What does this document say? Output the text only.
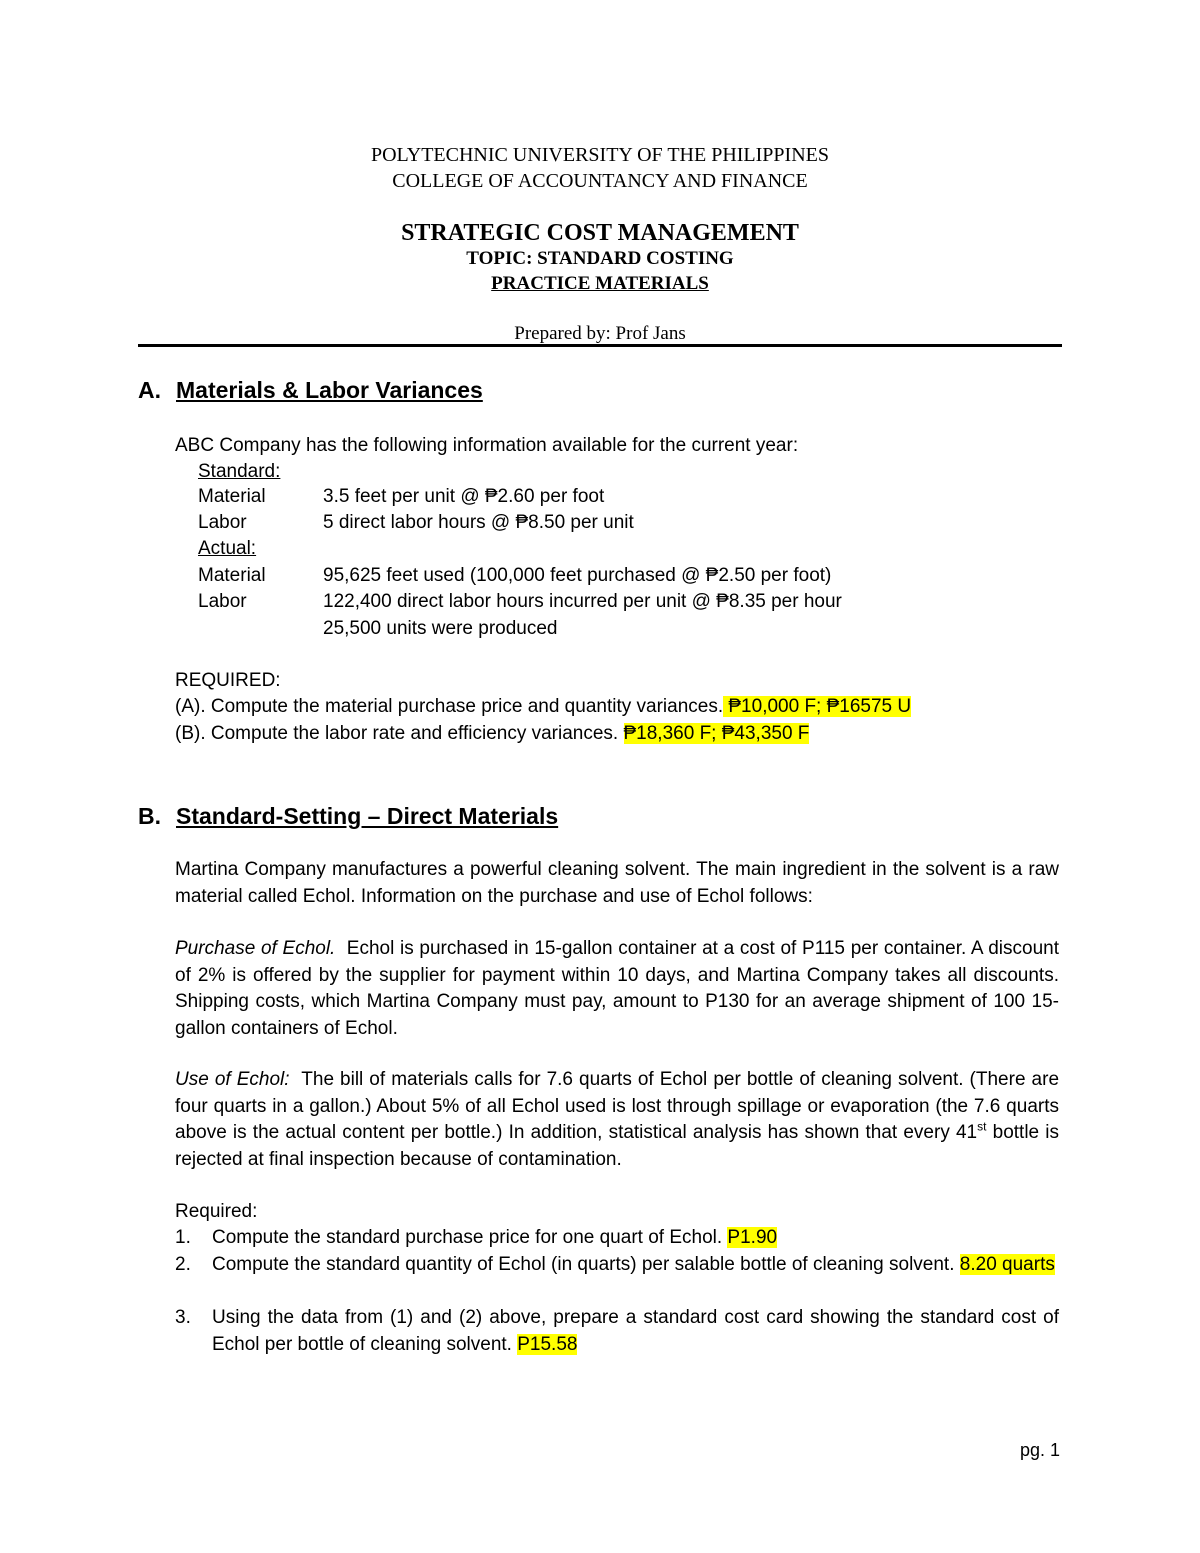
POLYTECHNIC UNIVERSITY OF THE PHILIPPINES
COLLEGE OF ACCOUNTANCY AND FINANCE
STRATEGIC COST MANAGEMENT
TOPIC: STANDARD COSTING
PRACTICE MATERIALS
Prepared by: Prof Jans
A. Materials & Labor Variances
ABC Company has the following information available for the current year:
Standard:
Material	3.5 feet per unit @ ₱2.60 per foot
Labor	5 direct labor hours @ ₱8.50 per unit
Actual:
Material	95,625 feet used (100,000 feet purchased @ ₱2.50 per foot)
Labor	122,400 direct labor hours incurred per unit @ ₱8.35 per hour
25,500 units were produced
REQUIRED:
(A). Compute the material purchase price and quantity variances. ₱10,000 F; ₱16575 U
(B). Compute the labor rate and efficiency variances. ₱18,360 F; ₱43,350 F
B. Standard-Setting – Direct Materials
Martina Company manufactures a powerful cleaning solvent. The main ingredient in the solvent is a raw material called Echol. Information on the purchase and use of Echol follows:
Purchase of Echol. Echol is purchased in 15-gallon container at a cost of P115 per container. A discount of 2% is offered by the supplier for payment within 10 days, and Martina Company takes all discounts. Shipping costs, which Martina Company must pay, amount to P130 for an average shipment of 100 15-gallon containers of Echol.
Use of Echol: The bill of materials calls for 7.6 quarts of Echol per bottle of cleaning solvent. (There are four quarts in a gallon.) About 5% of all Echol used is lost through spillage or evaporation (the 7.6 quarts above is the actual content per bottle.) In addition, statistical analysis has shown that every 41st bottle is rejected at final inspection because of contamination.
Required:
1. Compute the standard purchase price for one quart of Echol. P1.90
2.	Compute the standard quantity of Echol (in quarts) per salable bottle of cleaning solvent. 8.20 quarts
3.	Using the data from (1) and (2) above, prepare a standard cost card showing the standard cost of Echol per bottle of cleaning solvent. P15.58
pg. 1
